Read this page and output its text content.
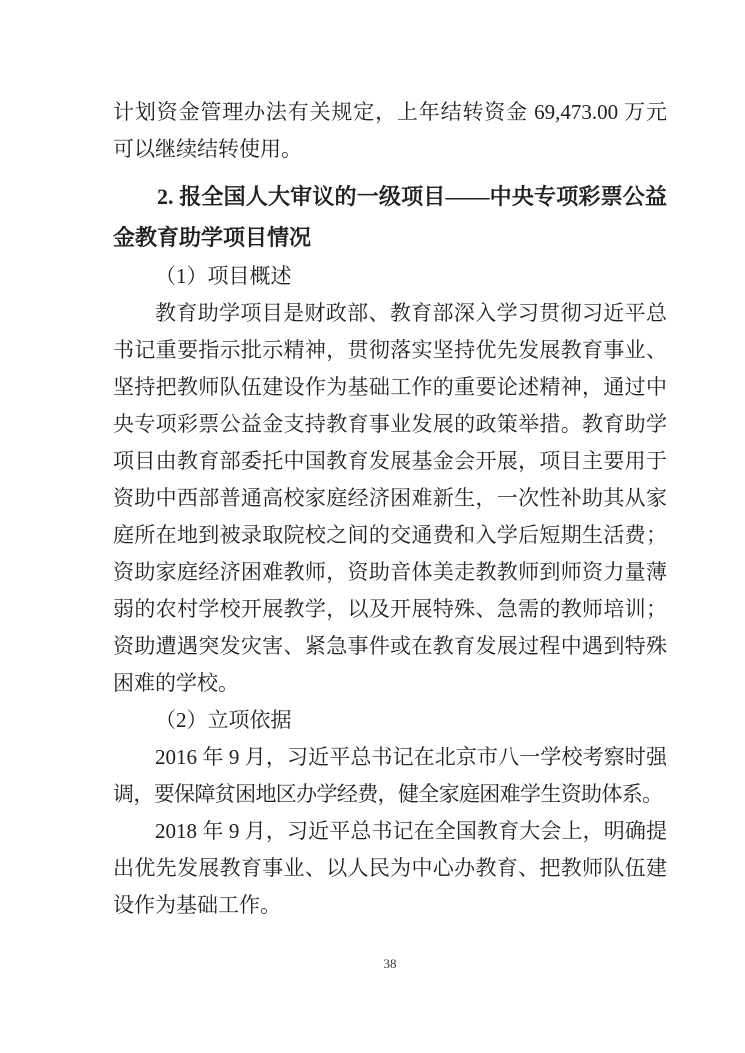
计划资金管理办法有关规定，上年结转资金 69,473.00 万元
可以继续结转使用。
2. 报全国人大审议的一级项目——中央专项彩票公益
金教育助学项目情况
（1）项目概述
教育助学项目是财政部、教育部深入学习贯彻习近平总
书记重要指示批示精神，贯彻落实坚持优先发展教育事业、
坚持把教师队伍建设作为基础工作的重要论述精神，通过中
央专项彩票公益金支持教育事业发展的政策举措。教育助学
项目由教育部委托中国教育发展基金会开展，项目主要用于
资助中西部普通高校家庭经济困难新生，一次性补助其从家
庭所在地到被录取院校之间的交通费和入学后短期生活费；
资助家庭经济困难教师，资助音体美走教教师到师资力量薄
弱的农村学校开展教学，以及开展特殊、急需的教师培训；
资助遭遇突发灾害、紧急事件或在教育发展过程中遇到特殊
困难的学校。
（2）立项依据
2016 年 9 月，习近平总书记在北京市八一学校考察时强
调，要保障贫困地区办学经费，健全家庭困难学生资助体系。
2018 年 9 月，习近平总书记在全国教育大会上，明确提
出优先发展教育事业、以人民为中心办教育、把教师队伍建
设作为基础工作。
38
